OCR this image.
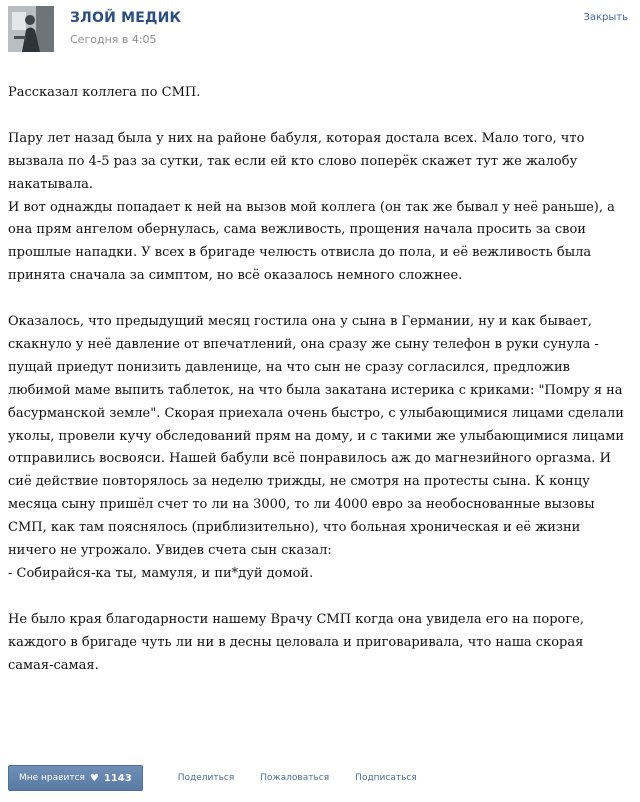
ЗЛОЙ МЕДИК
Сегодня в 4:05
Закрыть

Рассказал коллега по СМП.

Пару лет назад была у них на районе бабуля, которая достала всех. Мало того, что вызвала по 4-5 раз за сутки, так если ей кто слово поперёк скажет тут же жалобу накатывала.

И вот однажды попадает к ней на вызов мой коллега (он так же бывал у неё раньше), а она прям ангелом обернулась, сама вежливость, прощения начала просить за свои прошлые нападки. У всех в бригаде челюсть отвисла до пола, и её вежливость была принята сначала за симптом, но всё оказалось немного сложнее.

Оказалось, что предыдущий месяц гостила она у сына в Германии, ну и как бывает, скакнуло у неё давление от впечатлений, она сразу же сыну телефон в руки сунула - пущай приедут понизить давленице, на что сын не сразу согласился, предложив любимой маме выпить таблеток, на что была закатана истерика с криками: "Помру я на басурманской земле". Скорая приехала очень быстро, с улыбающимися лицами сделали уколы, провели кучу обследований прям на дому, и с такими же улыбающимися лицами отправились восвояси. Нашей бабули всё понравилось аж до магнезийного оргазма. И сиё действие повторялось за неделю трижды, не смотря на протесты сына. К концу месяца сыну пришёл счет то ли на 3000, то ли 4000 евро за необоснованные вызовы СМП, как там пояснялось (приблизительно), что больная хроническая и её жизни ничего не угрожало. Увидев счета сын сказал:

- Собирайся-ка ты, мамуля, и пи*дуй домой.

Не было края благодарности нашему Врачу СМП когда она увидела его на пороге, каждого в бригаде чуть ли ни в десны целовала и приговаривала, что наша скорая самая-самая.

Мне нравится ♥ 1143	Поделиться	Пожаловаться	Подписаться
